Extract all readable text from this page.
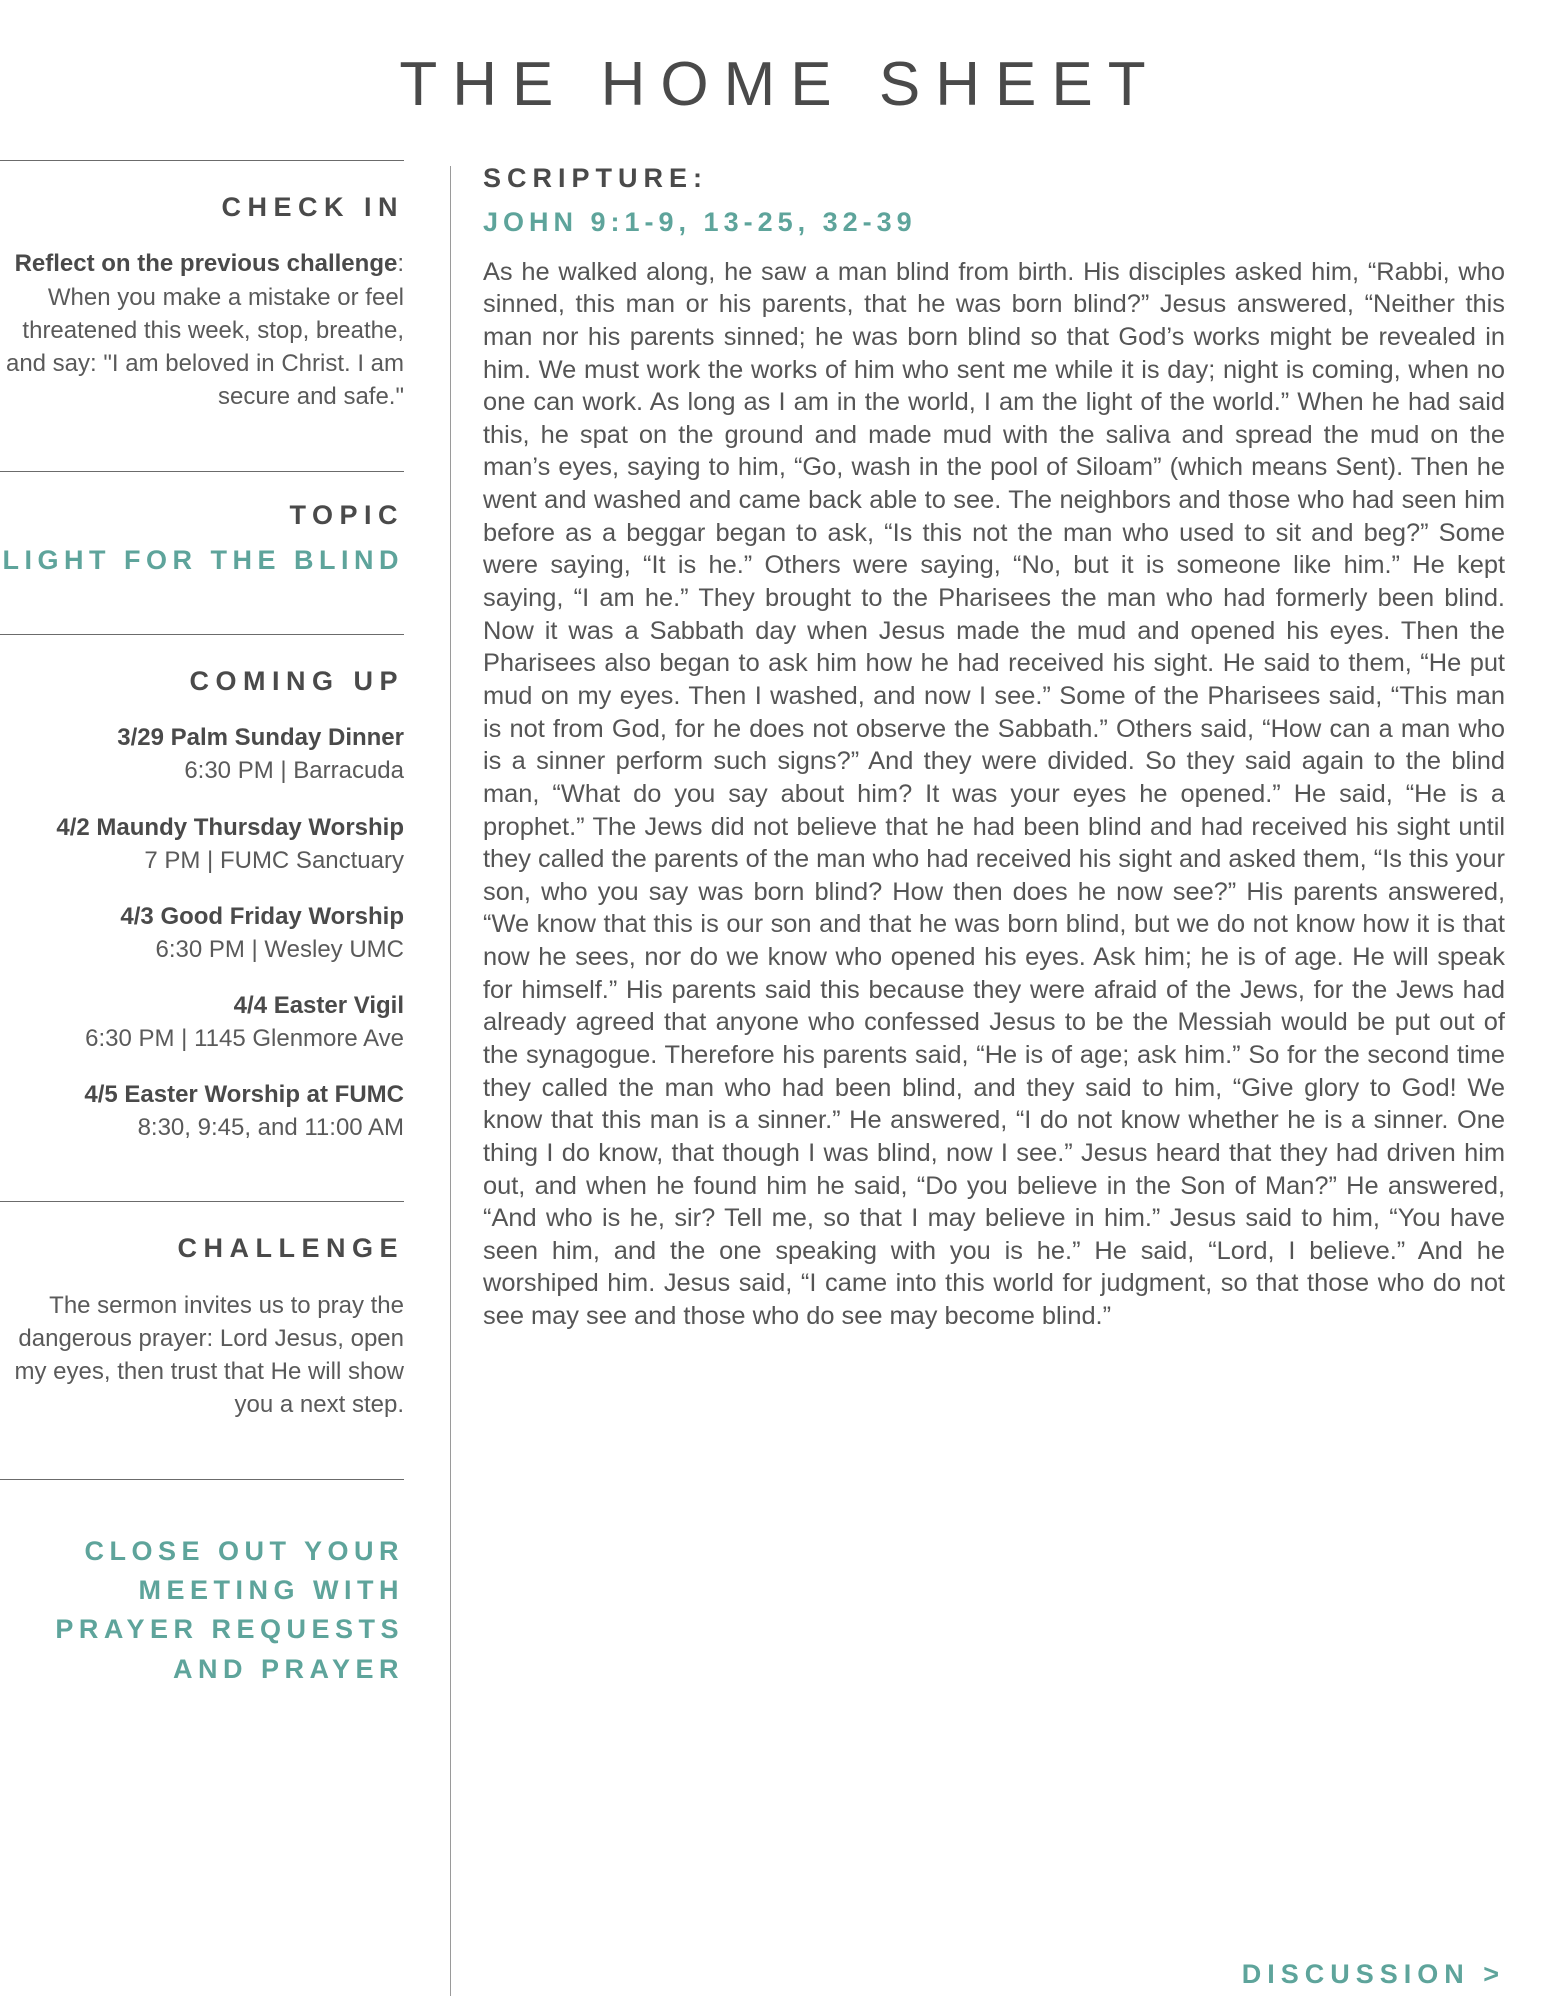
THE HOME SHEET
CHECK IN

Reflect on the previous challenge: When you make a mistake or feel threatened this week, stop, breathe, and say: "I am beloved in Christ. I am secure and safe."

TOPIC
LIGHT FOR THE BLIND
COMING UP
3/29 Palm Sunday Dinner
6:30 PM | Barracuda
4/2 Maundy Thursday Worship
7 PM | FUMC Sanctuary
4/3 Good Friday Worship
6:30 PM | Wesley UMC
4/4 Easter Vigil
6:30 PM | 1145 Glenmore Ave
4/5 Easter Worship at FUMC
8:30, 9:45, and 11:00 AM
CHALLENGE

The sermon invites us to pray the dangerous prayer: Lord Jesus, open my eyes, then trust that He will show you a next step.

CLOSE OUT YOUR
MEETING WITH
PRAYER REQUESTS
AND PRAYER
SCRIPTURE:
JOHN 9:1-9, 13-25, 32-39

As he walked along, he saw a man blind from birth. His disciples asked him, “Rabbi, who sinned, this man or his parents, that he was born blind?” Jesus answered, “Neither this man nor his parents sinned; he was born blind so that God’s works might be revealed in him. We must work the works of him who sent me while it is day; night is coming, when no one can work. As long as I am in the world, I am the light of the world.” When he had said this, he spat on the ground and made mud with the saliva and spread the mud on the man’s eyes, saying to him, “Go, wash in the pool of Siloam” (which means Sent). Then he went and washed and came back able to see. The neighbors and those who had seen him before as a beggar began to ask, “Is this not the man who used to sit and beg?” Some were saying, “It is he.” Others were saying, “No, but it is someone like him.” He kept saying, “I am he.” They brought to the Pharisees the man who had formerly been blind. Now it was a Sabbath day when Jesus made the mud and opened his eyes. Then the Pharisees also began to ask him how he had received his sight. He said to them, “He put mud on my eyes. Then I washed, and now I see.” Some of the Pharisees said, “This man is not from God, for he does not observe the Sabbath.” Others said, “How can a man who is a sinner perform such signs?” And they were divided. So they said again to the blind man, “What do you say about him? It was your eyes he opened.” He said, “He is a prophet.” The Jews did not believe that he had been blind and had received his sight until they called the parents of the man who had received his sight and asked them, “Is this your son, who you say was born blind? How then does he now see?” His parents answered, “We know that this is our son and that he was born blind, but we do not know how it is that now he sees, nor do we know who opened his eyes. Ask him; he is of age. He will speak for himself.” His parents said this because they were afraid of the Jews, for the Jews had already agreed that anyone who confessed Jesus to be the Messiah would be put out of the synagogue. Therefore his parents said, “He is of age; ask him.” So for the second time they called the man who had been blind, and they said to him, “Give glory to God! We know that this man is a sinner.” He answered, “I do not know whether he is a sinner. One thing I do know, that though I was blind, now I see.” Jesus heard that they had driven him out, and when he found him he said, “Do you believe in the Son of Man?” He answered, “And who is he, sir? Tell me, so that I may believe in him.” Jesus said to him, “You have seen him, and the one speaking with you is he.” He said, “Lord, I believe.” And he worshiped him. Jesus said, “I came into this world for judgment, so that those who do not see may see and those who do see may become blind.”

DISCUSSION >
